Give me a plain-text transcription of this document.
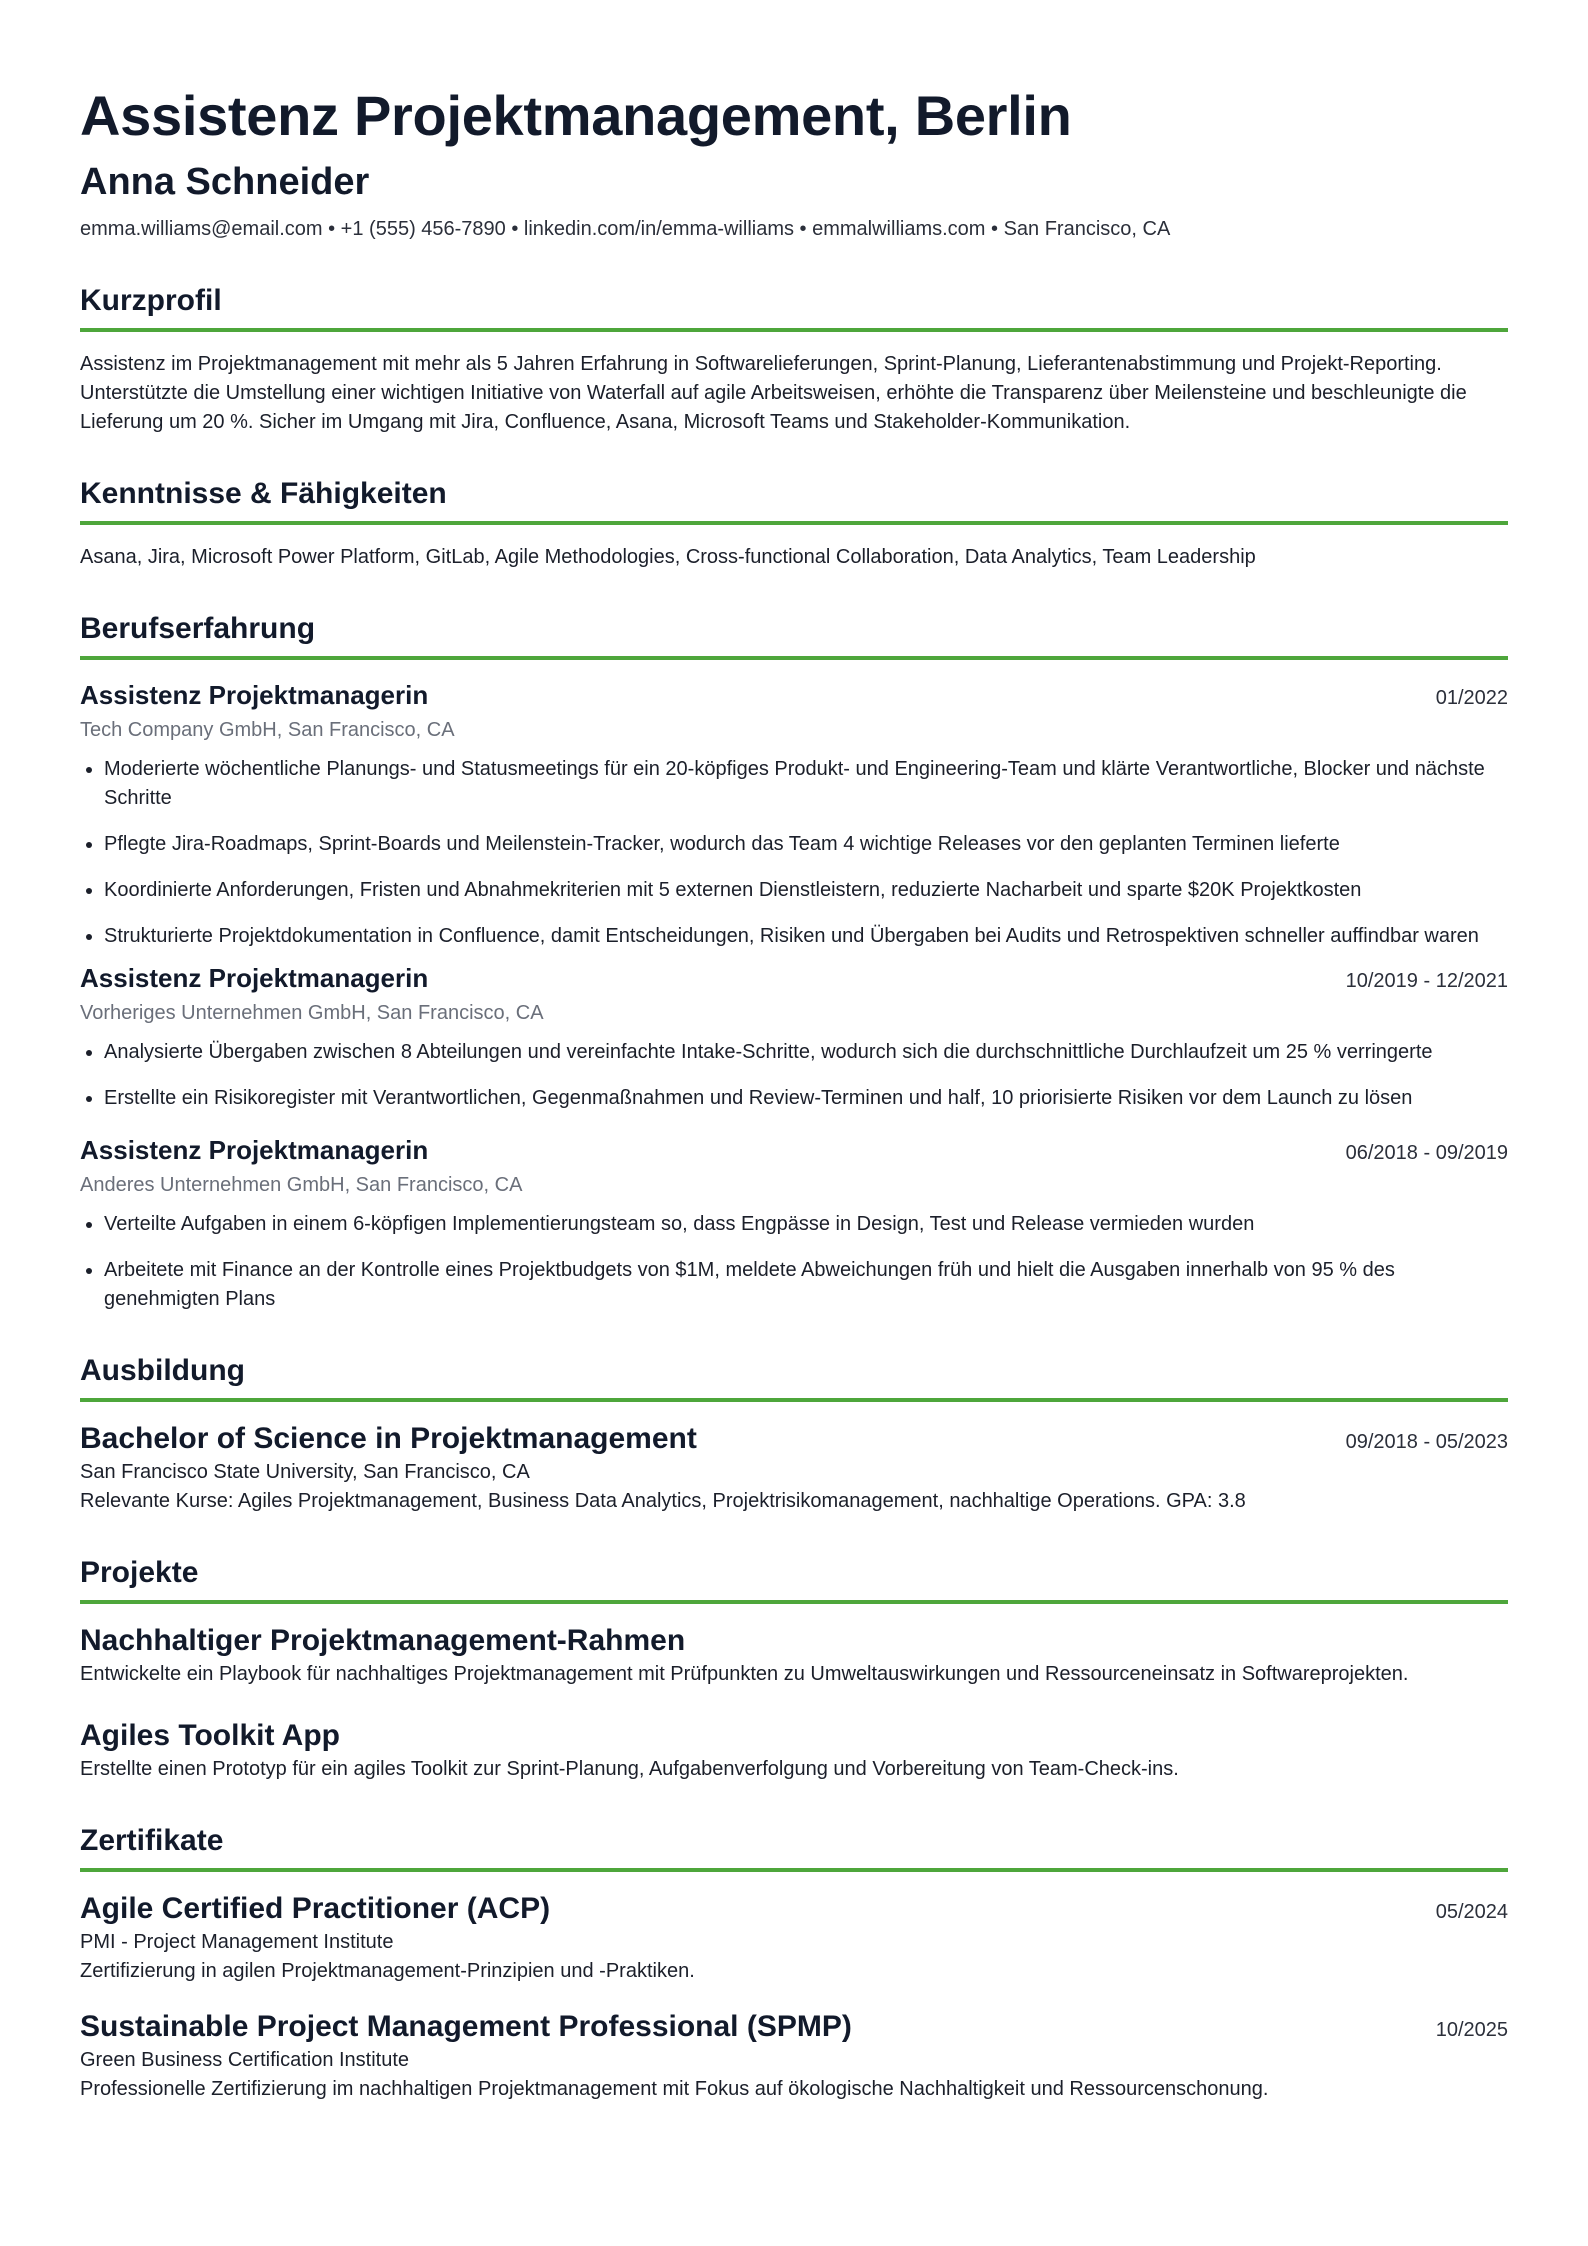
Assistenz Projektmanagement, Berlin
Anna Schneider
emma.williams@email.com • +1 (555) 456-7890 • linkedin.com/in/emma-williams • emmalwilliams.com • San Francisco, CA
Kurzprofil

Assistenz im Projektmanagement mit mehr als 5 Jahren Erfahrung in Softwarelieferungen, Sprint-Planung, Lieferantenabstimmung und Projekt-Reporting. Unterstützte die Umstellung einer wichtigen Initiative von Waterfall auf agile Arbeitsweisen, erhöhte die Transparenz über Meilensteine und beschleunigte die Lieferung um 20 %. Sicher im Umgang mit Jira, Confluence, Asana, Microsoft Teams und Stakeholder-Kommunikation.

Kenntnisse & Fähigkeiten

Asana, Jira, Microsoft Power Platform, GitLab, Agile Methodologies, Cross-functional Collaboration, Data Analytics, Team Leadership

Berufserfahrung
Assistenz Projektmanagerin	01/2022
Tech Company GmbH, San Francisco, CA
• Moderierte wöchentliche Planungs- und Statusmeetings für ein 20-köpfiges Produkt- und Engineering-Team und klärte Verantwortliche, Blocker und nächste Schritte
• Pflegte Jira-Roadmaps, Sprint-Boards und Meilenstein-Tracker, wodurch das Team 4 wichtige Releases vor den geplanten Terminen lieferte
• Koordinierte Anforderungen, Fristen und Abnahmekriterien mit 5 externen Dienstleistern, reduzierte Nacharbeit und sparte $20K Projektkosten
• Strukturierte Projektdokumentation in Confluence, damit Entscheidungen, Risiken und Übergaben bei Audits und Retrospektiven schneller auffindbar waren
Assistenz Projektmanagerin	10/2019 - 12/2021
Vorheriges Unternehmen GmbH, San Francisco, CA
• Analysierte Übergaben zwischen 8 Abteilungen und vereinfachte Intake-Schritte, wodurch sich die durchschnittliche Durchlaufzeit um 25 % verringerte
• Erstellte ein Risikoregister mit Verantwortlichen, Gegenmaßnahmen und Review-Terminen und half, 10 priorisierte Risiken vor dem Launch zu lösen
Assistenz Projektmanagerin	06/2018 - 09/2019
Anderes Unternehmen GmbH, San Francisco, CA
• Verteilte Aufgaben in einem 6-köpfigen Implementierungsteam so, dass Engpässe in Design, Test und Release vermieden wurden
• Arbeitete mit Finance an der Kontrolle eines Projektbudgets von $1M, meldete Abweichungen früh und hielt die Ausgaben innerhalb von 95 % des genehmigten Plans
Ausbildung
Bachelor of Science in Projektmanagement	09/2018 - 05/2023
San Francisco State University, San Francisco, CA
Relevante Kurse: Agiles Projektmanagement, Business Data Analytics, Projektrisikomanagement, nachhaltige Operations. GPA: 3.8
Projekte
Nachhaltiger Projektmanagement-Rahmen
Entwickelte ein Playbook für nachhaltiges Projektmanagement mit Prüfpunkten zu Umweltauswirkungen und Ressourceneinsatz in Softwareprojekten.
Agiles Toolkit App
Erstellte einen Prototyp für ein agiles Toolkit zur Sprint-Planung, Aufgabenverfolgung und Vorbereitung von Team-Check-ins.
Zertifikate
Agile Certified Practitioner (ACP)	05/2024
PMI - Project Management Institute
Zertifizierung in agilen Projektmanagement-Prinzipien und -Praktiken.
Sustainable Project Management Professional (SPMP)	10/2025
Green Business Certification Institute
Professionelle Zertifizierung im nachhaltigen Projektmanagement mit Fokus auf ökologische Nachhaltigkeit und Ressourcenschonung.
